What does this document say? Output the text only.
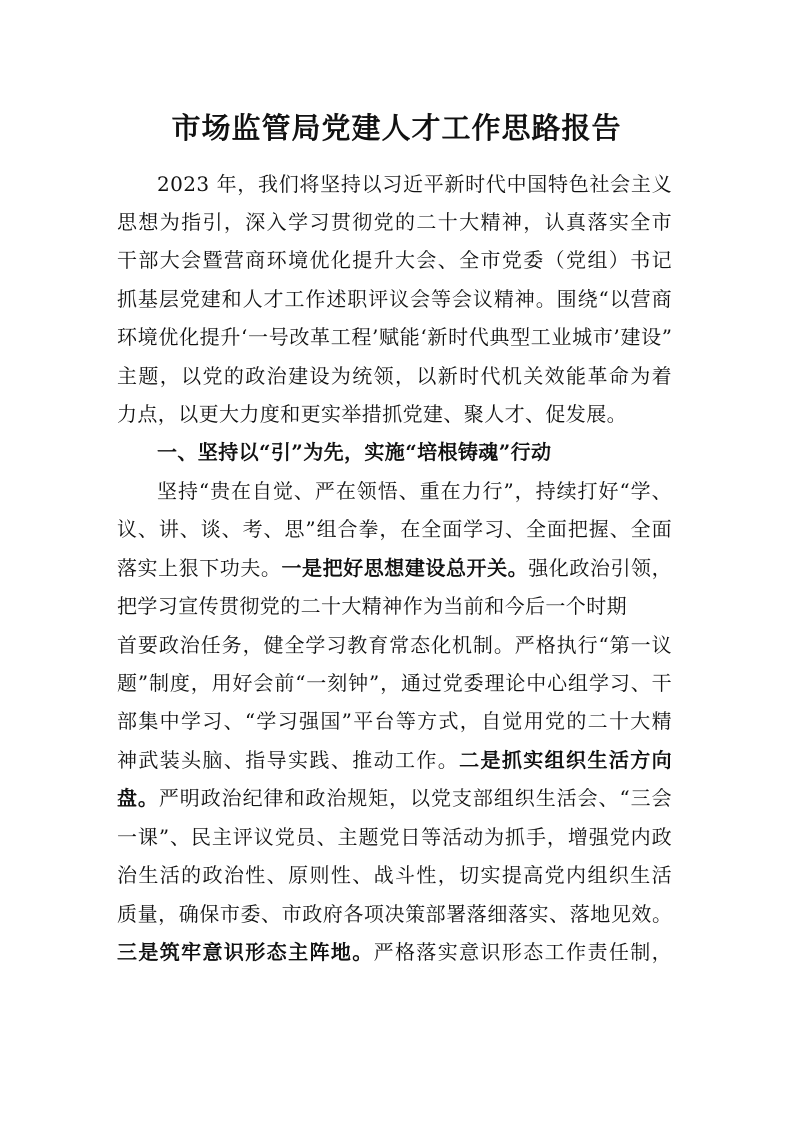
市场监管局党建人才工作思路报告
2023 年，我们将坚持以习近平新时代中国特色社会主义
思想为指引，深入学习贯彻党的二十大精神，认真落实全市
干部大会暨营商环境优化提升大会、全市党委（党组）书记
抓基层党建和人才工作述职评议会等会议精神。围绕“以营商
环境优化提升‘一号改革工程’赋能‘新时代典型工业城市’建设”
主题，以党的政治建设为统领，以新时代机关效能革命为着
力点，以更大力度和更实举措抓党建、聚人才、促发展。
一、坚持以“引”为先，实施“培根铸魂”行动
坚持“贵在自觉、严在领悟、重在力行”，持续打好“学、
议、讲、谈、考、思”组合拳，在全面学习、全面把握、全面
落实上狠下功夫。一是把好思想建设总开关。强化政治引领，
把学习宣传贯彻党的二十大精神作为当前和今后一个时期
首要政治任务，健全学习教育常态化机制。严格执行“第一议
题”制度，用好会前“一刻钟”，通过党委理论中心组学习、干
部集中学习、“学习强国”平台等方式，自觉用党的二十大精
神武装头脑、指导实践、推动工作。二是抓实组织生活方向
盘。严明政治纪律和政治规矩，以党支部组织生活会、“三会
一课”、民主评议党员、主题党日等活动为抓手，增强党内政
治生活的政治性、原则性、战斗性，切实提高党内组织生活
质量，确保市委、市政府各项决策部署落细落实、落地见效。
三是筑牢意识形态主阵地。严格落实意识形态工作责任制，
